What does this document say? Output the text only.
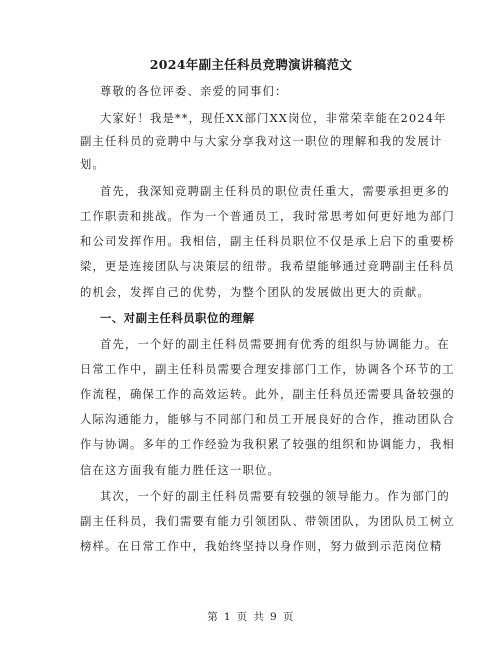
2024年副主任科员竞聘演讲稿范文
尊敬的各位评委、亲爱的同事们：
大家好！我是**，现任XX部门XX岗位，非常荣幸能在2024年
副主任科员的竞聘中与大家分享我对这一职位的理解和我的发展计
划。
首先，我深知竞聘副主任科员的职位责任重大，需要承担更多的
工作职责和挑战。作为一个普通员工，我时常思考如何更好地为部门
和公司发挥作用。我相信，副主任科员职位不仅是承上启下的重要桥
梁，更是连接团队与决策层的纽带。我希望能够通过竞聘副主任科员
的机会，发挥自己的优势，为整个团队的发展做出更大的贡献。
一、对副主任科员职位的理解
首先，一个好的副主任科员需要拥有优秀的组织与协调能力。在
日常工作中，副主任科员需要合理安排部门工作，协调各个环节的工
作流程，确保工作的高效运转。此外，副主任科员还需要具备较强的
人际沟通能力，能够与不同部门和员工开展良好的合作，推动团队合
作与协调。多年的工作经验为我积累了较强的组织和协调能力，我相
信在这方面我有能力胜任这一职位。
其次，一个好的副主任科员需要有较强的领导能力。作为部门的
副主任科员，我们需要有能力引领团队、带领团队，为团队员工树立
榜样。在日常工作中，我始终坚持以身作则，努力做到示范岗位精
第 1 页 共 9 页
